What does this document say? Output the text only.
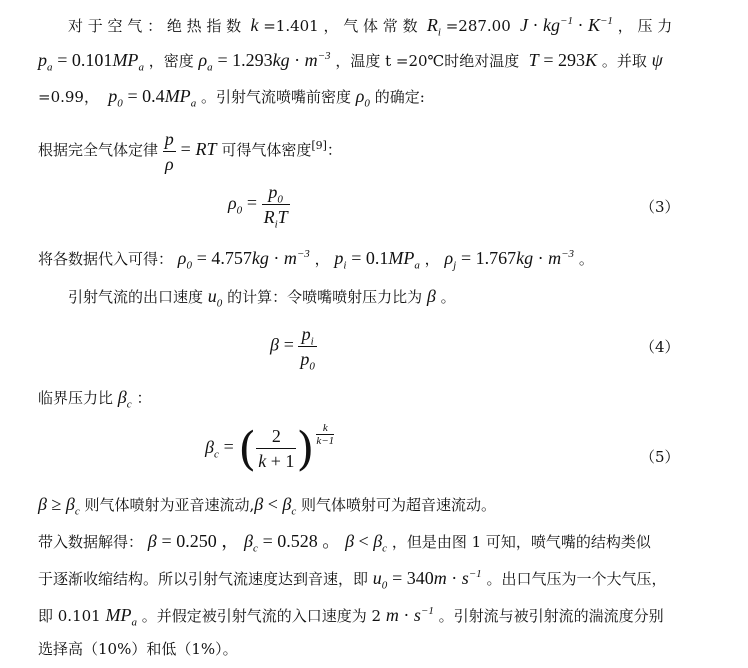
对 于 空 气 ： 绝 热 指 数  k =1.401 ， 气 体 常 数  $R_i =287.00$  $J \cdot kg^{-1} \cdot K^{-1}$ ， 压 力
$p_a = 0.101MP_a$ ，密度 $\rho_a = 1.293kg \cdot m^{-3}$ ，温度 t =20℃时绝对温度  T = 293K 。并取 ψ
=0.99，  $p_0 = 0.4MP_a$ 。引射气流喷嘴前密度 $\rho_0$ 的确定:
根据完全气体定律 $\frac{p}{\rho}$ = RT 可得气体密度[9]：
$\rho_0 = \frac{p_0}{R_iT}$	（3）
将各数据代入可得： $\rho_0 = 4.757kg \cdot m^{-3}$ ， $p_i = 0.1MP_a$ ， $\rho_j = 1.767kg \cdot m^{-3}$ 。
引射气流的出口速度 $u_0$ 的计算：令喷嘴喷射压力比为 β 。
$\beta = \frac{p_i}{p_0}$	（4）
临界压力比 $\beta_c$ ：
$\beta_c$ = ( $\frac{2}{k + 1}$ ) $\frac{k}{k-1}$
（5）
$\beta \ge \beta_c$ 则气体喷射为亚音速流动$,\beta < \beta_c$ 则气体喷射可为超音速流动。
带入数据解得： β = 0.250 ， $\beta_c = 0.528$ 。 $\beta < \beta_c$ ，但是由图 1 可知，喷气嘴的结构类似
于逐渐收缩结构。所以引射气流速度达到音速，即 $u_0 = 340m \cdot s^{-1}$ 。出口气压为一个大气压，
即 0.101 $MP_a$ 。并假定被引射气流的入口速度为 2 $m \cdot s^{-1}$ 。引射流与被引射流的湍流度分别
选择高（10%）和低（1%）。
